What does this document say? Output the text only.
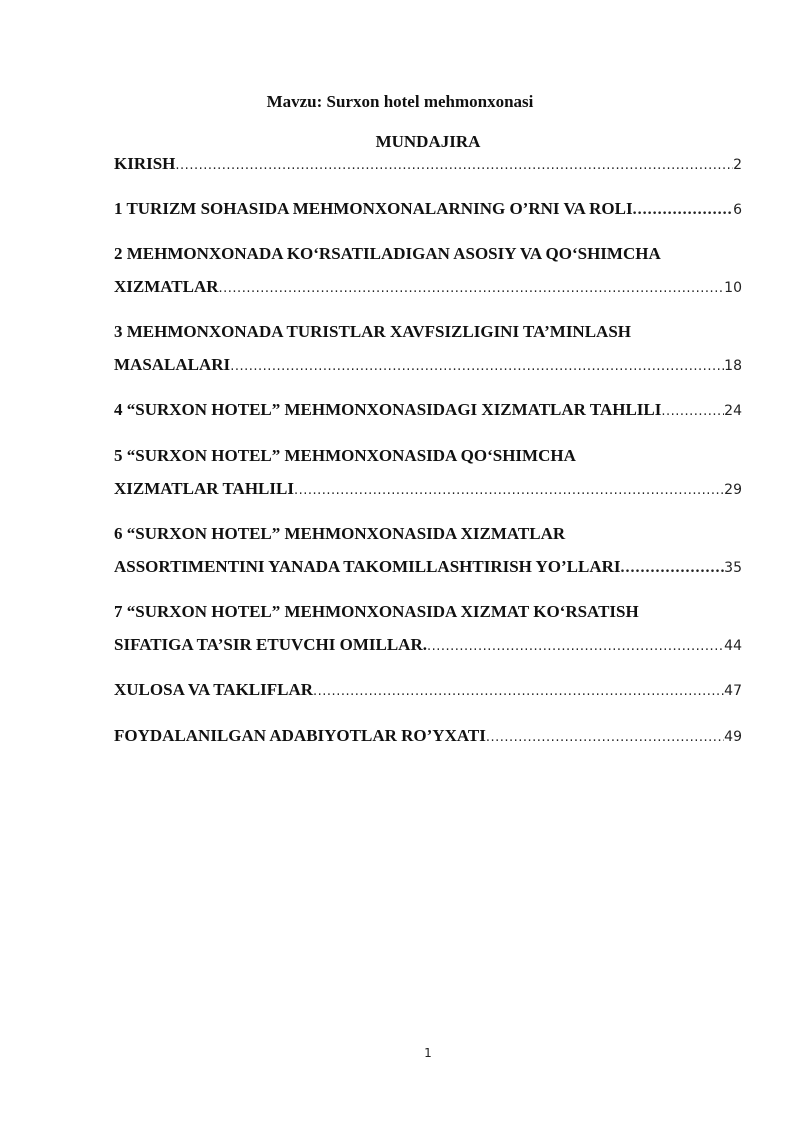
Mavzu: Surxon hotel mehmonxonasi
MUNDAJIRA
KIRISH .....	2
1 TURIZM SOHASIDA MEHMONXONALARNING O’RNI VA ROLI .....	6
2 MEHMONXONADA KO‘RSATILADIGAN ASOSIY VA QO‘SHIMCHA
XIZMATLAR .....	10
3 MEHMONXONADA TURISTLAR XAVFSIZLIGINI TA’MINLASH
MASALALARI .....	18
4 “SURXON HOTEL” MEHMONXONASIDAGI XIZMATLAR TAHLILI .....	24
5 “SURXON HOTEL” MEHMONXONASIDA QO‘SHIMCHA
XIZMATLAR TAHLILI .....	29
6 “SURXON HOTEL” MEHMONXONASIDA XIZMATLAR
ASSORTIMENTINI YANADA TAKOMILLASHTIRISH YO’LLARI .....	35
7 “SURXON HOTEL” MEHMONXONASIDA XIZMAT KO‘RSATISH
SIFATIGA TA’SIR ETUVCHI OMILLAR. .....	44
XULOSA VA TAKLIFLAR .....	47
FOYDALANILGAN ADABIYOTLAR RO’YXATI .....	49
1
